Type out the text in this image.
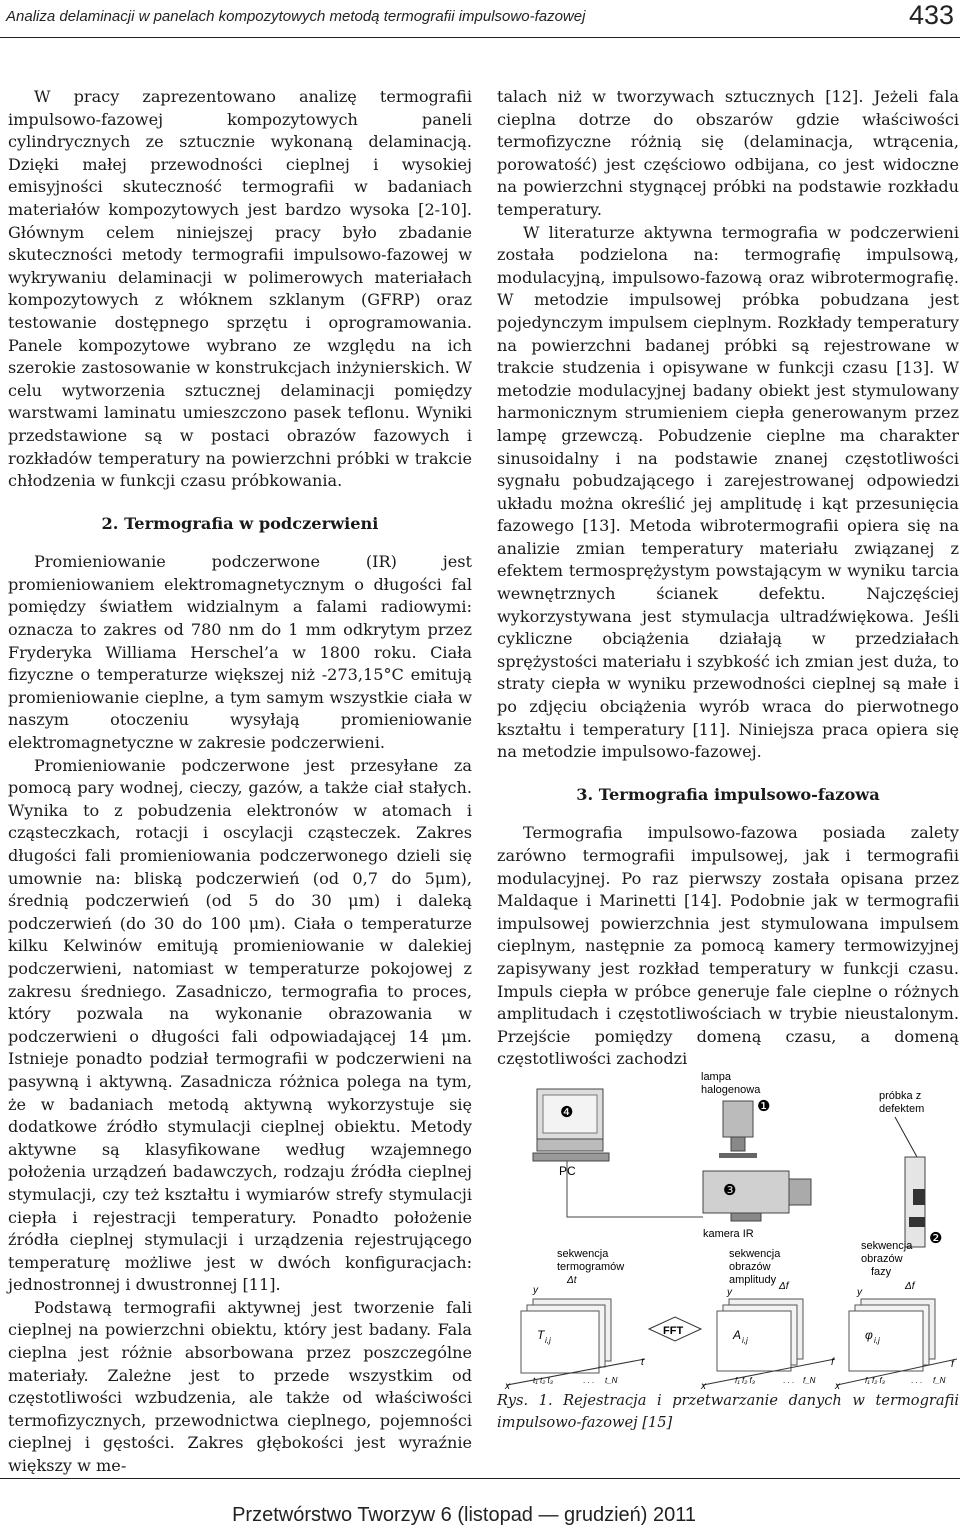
Analiza delaminacji w panelach kompozytowych metodą termografii impulsowo-fazowej	433

W pracy zaprezentowano analizę termografii impulsowo-fazowej kompozytowych paneli cylindrycznych ze sztucznie wykonaną delaminacją. Dzięki małej przewodności cieplnej i wysokiej emisyjności skuteczność termografii w badaniach materiałów kompozytowych jest bardzo wysoka [2-10]. Głównym celem niniejszej pracy było zbadanie skuteczności metody termografii impulsowo-fazowej w wykrywaniu delaminacji w polimerowych materiałach kompozytowych z włóknem szklanym (GFRP) oraz testowanie dostępnego sprzętu i oprogramowania. Panele kompozytowe wybrano ze względu na ich szerokie zastosowanie w konstrukcjach inżynierskich. W celu wytworzenia sztucznej delaminacji pomiędzy warstwami laminatu umieszczono pasek teflonu. Wyniki przedstawione są w postaci obrazów fazowych i rozkładów temperatury na powierzchni próbki w trakcie chłodzenia w funkcji czasu próbkowania.

2. Termografia w podczerwieni

Promieniowanie podczerwone (IR) jest promieniowaniem elektromagnetycznym o długości fal pomiędzy światłem widzialnym a falami radiowymi: oznacza to zakres od 780 nm do 1 mm odkrytym przez Fryderyka Williama Herschel’a w 1800 roku. Ciała fizyczne o temperaturze większej niż -273,15°C emitują promieniowanie cieplne, a tym samym wszystkie ciała w naszym otoczeniu wysyłają promieniowanie elektromagnetyczne w zakresie podczerwieni.

Promieniowanie podczerwone jest przesyłane za pomocą pary wodnej, cieczy, gazów, a także ciał stałych. Wynika to z pobudzenia elektronów w atomach i cząsteczkach, rotacji i oscylacji cząsteczek. Zakres długości fali promieniowania podczerwonego dzieli się umownie na: bliską podczerwień (od 0,7 do 5μm), średnią podczerwień (od 5 do 30 μm) i daleką podczerwień (do 30 do 100 μm). Ciała o temperaturze kilku Kelwinów emitują promieniowanie w dalekiej podczerwieni, natomiast w temperaturze pokojowej z zakresu średniego. Zasadniczo, termografia to proces, który pozwala na wykonanie obrazowania w podczerwieni o długości fali odpowiadającej 14 μm. Istnieje ponadto podział termografii w podczerwieni na pasywną i aktywną. Zasadnicza różnica polega na tym, że w badaniach metodą aktywną wykorzystuje się dodatkowe źródło stymulacji cieplnej obiektu. Metody aktywne są klasyfikowane według wzajemnego położenia urządzeń badawczych, rodzaju źródła cieplnej stymulacji, czy też kształtu i wymiarów strefy stymulacji ciepła i rejestracji temperatury. Ponadto położenie źródła cieplnej stymulacji i urządzenia rejestrującego temperaturę możliwe jest w dwóch konfiguracjach: jednostronnej i dwustronnej [11].

Podstawą termografii aktywnej jest tworzenie fali cieplnej na powierzchni obiektu, który jest badany. Fala cieplna jest różnie absorbowana przez poszczególne materiały. Zależne jest to przede wszystkim od częstotliwości wzbudzenia, ale także od właściwości termofizycznych, przewodnictwa cieplnego, pojemności cieplnej i gęstości. Zakres głębokości jest wyraźnie większy w me-

talach niż w tworzywach sztucznych [12]. Jeżeli fala cieplna dotrze do obszarów gdzie właściwości termofizyczne różnią się (delaminacja, wtrącenia, porowatość) jest częściowo odbijana, co jest widoczne na powierzchni stygnącej próbki na podstawie rozkładu temperatury.

W literaturze aktywna termografia w podczerwieni została podzielona na: termografię impulsową, modulacyjną, impulsowo-fazową oraz wibrotermografię. W metodzie impulsowej próbka pobudzana jest pojedynczym impulsem cieplnym. Rozkłady temperatury na powierzchni badanej próbki są rejestrowane w trakcie studzenia i opisywane w funkcji czasu [13]. W metodzie modulacyjnej badany obiekt jest stymulowany harmonicznym strumieniem ciepła generowanym przez lampę grzewczą. Pobudzenie cieplne ma charakter sinusoidalny i na podstawie znanej częstotliwości sygnału pobudzającego i zarejestrowanej odpowiedzi układu można określić jej amplitudę i kąt przesunięcia fazowego [13]. Metoda wibrotermografii opiera się na analizie zmian temperatury materiału związanej z efektem termosprężystym powstającym w wyniku tarcia wewnętrznych ścianek defektu. Najczęściej wykorzystywana jest stymulacja ultradźwiękowa. Jeśli cykliczne obciążenia działają w przedziałach sprężystości materiału i szybkość ich zmian jest duża, to straty ciepła w wyniku przewodności cieplnej są małe i po zdjęciu obciążenia wyrób wraca do pierwotnego kształtu i temperatury [11]. Niniejsza praca opiera się na metodzie impulsowo-fazowej.

3. Termografia impulsowo-fazowa

Termografia impulsowo-fazowa posiada zalety zarówno termografii impulsowej, jak i termografii modulacyjnej. Po raz pierwszy została opisana przez Maldaque i Marinetti [14]. Podobnie jak w termografii impulsowej powierzchnia jest stymulowana impulsem cieplnym, następnie za pomocą kamery termowizyjnej zapisywany jest rozkład temperatury w funkcji czasu. Impuls ciepła w próbce generuje fale cieplne o różnych amplitudach i częstotliwościach w trybie nieustalonym. Przejście pomiędzy domeną czasu, a domeną częstotliwości zachodzi

lampa
halogenowa
❶
próbka z
defektem
❷
❹
PC
❸
kamera IR
sekwencja
termogramów
sekwencja
obrazów
amplitudy
sekwencja
obrazów
fazy
T i,j
y
Δt
x
t₁ t₂ t₃	. . . t_N
t
FFT	A i,j
y
Δf
x
f₁ f₂ f₃	. . . f_N
f
φ i,j
y
Δf
x
f₁ f₂ f₃	. . . f_N
f
Rys. 1. Rejestracja i przetwarzanie danych w termografii impulsowo-fazowej [15]
Przetwórstwo Tworzyw 6 (listopad — grudzień) 2011
